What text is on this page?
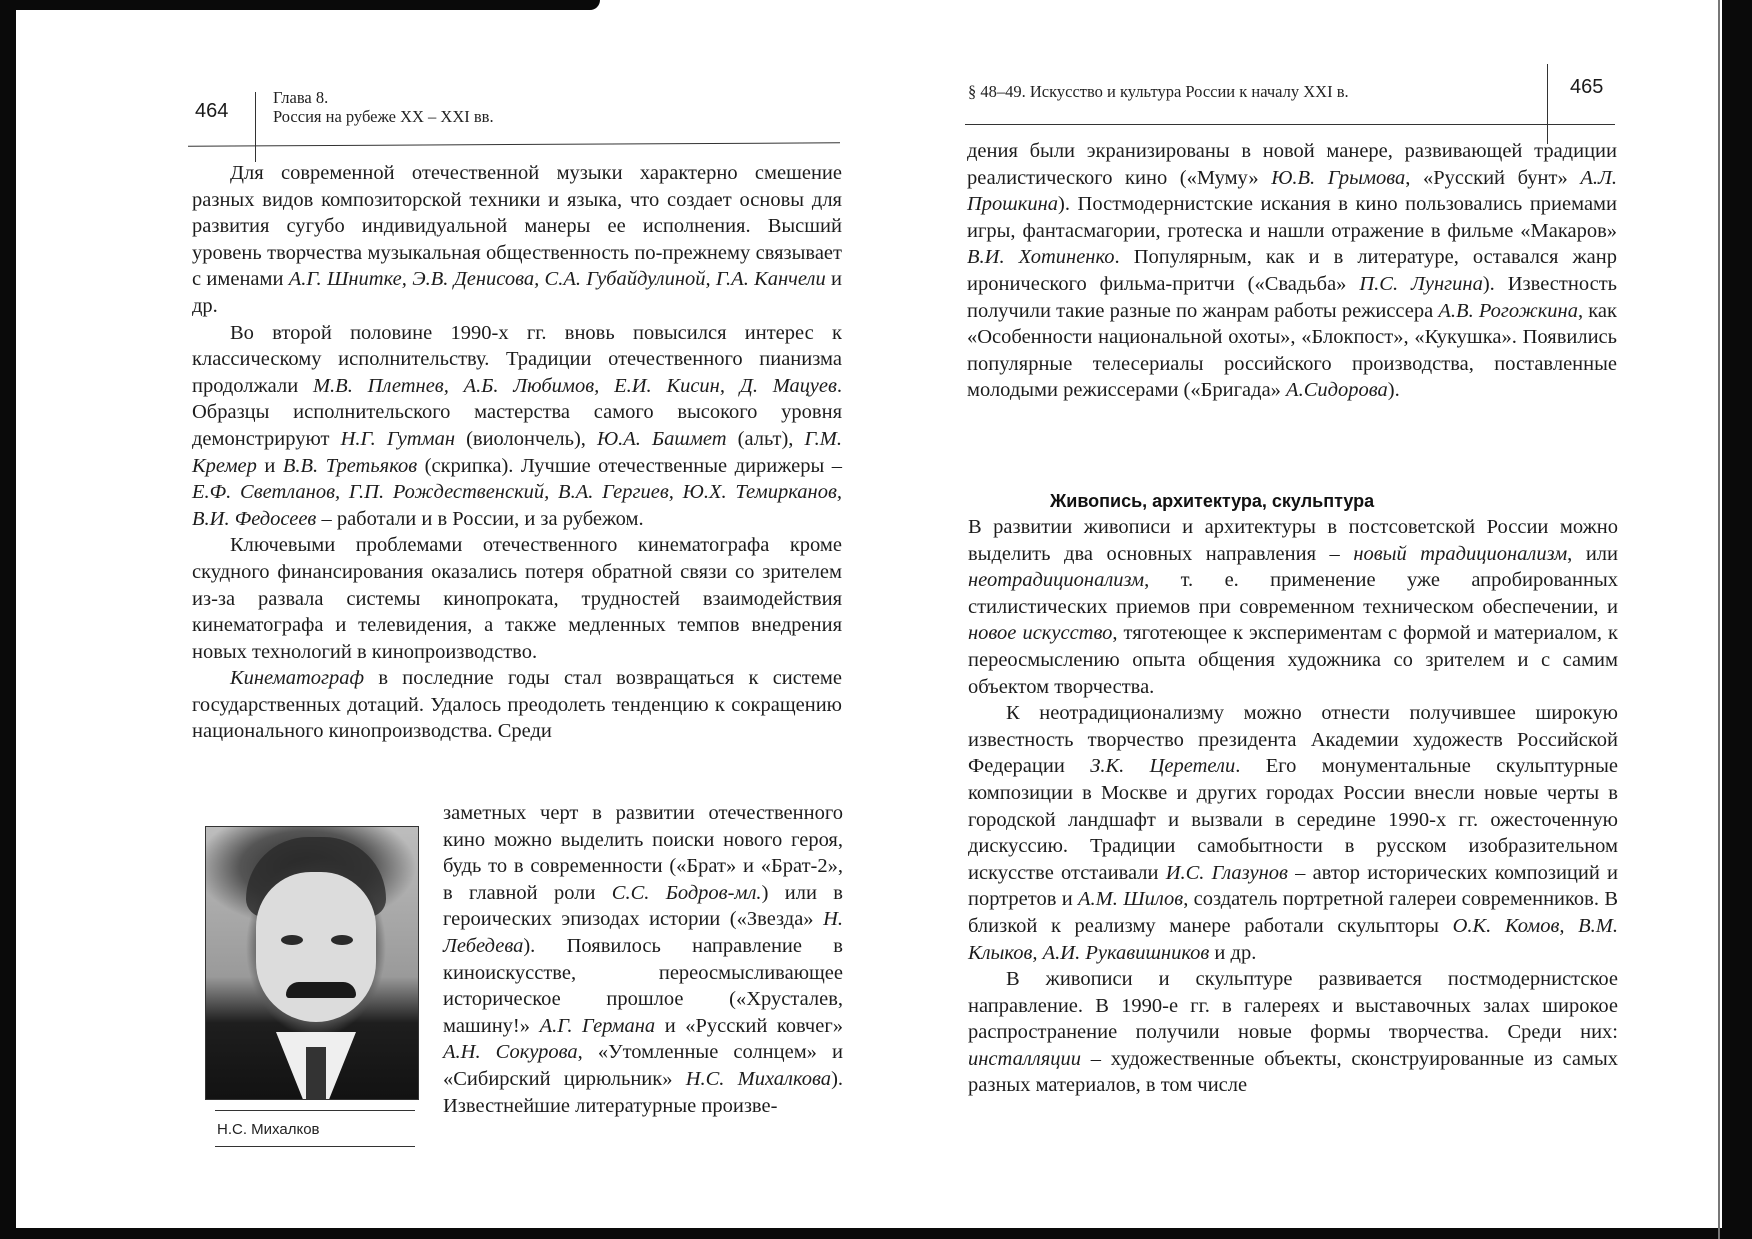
464
Глава 8.
Россия на рубеже XX – XXI вв.

Для современной отечественной музыки характерно смешение разных видов композиторской техники и языка, что создает основы для развития сугубо индивидуальной манеры ее исполнения. Высший уровень творчества музыкальная общественность по-прежнему связывает с именами А.Г. Шнитке, Э.В. Денисова, С.А. Губайдулиной, Г.А. Канчели и др.

Во второй половине 1990-х гг. вновь повысился интерес к классическому исполнительству. Традиции отечественного пианизма продолжали М.В. Плетнев, А.Б. Любимов, Е.И. Кисин, Д. Мацуев. Образцы исполнительского мастерства самого высокого уровня демонстрируют Н.Г. Гутман (виолончель), Ю.А. Башмет (альт), Г.М. Кремер и В.В. Третьяков (скрипка). Лучшие отечественные дирижеры – Е.Ф. Светланов, Г.П. Рождественский, В.А. Гергиев, Ю.Х. Темирканов, В.И. Федосеев – работали и в России, и за рубежом.

Ключевыми проблемами отечественного кинематографа кроме скудного финансирования оказались потеря обратной связи со зрителем из-за развала системы кинопроката, трудностей взаимодействия кинематографа и телевидения, а также медленных темпов внедрения новых технологий в кинопроизводство.

Кинематограф в последние годы стал возвращаться к системе государственных дотаций. Удалось преодолеть тенденцию к сокращению национального кинопроизводства. Среди

заметных черт в развитии отечественного кино можно выделить поиски нового героя, будь то в современности («Брат» и «Брат-2», в главной роли С.С. Бодров-мл.) или в героических эпизодах истории («Звезда» Н. Лебедева). Появилось направление в киноискусстве, переосмысливающее историческое прошлое («Хрусталев, машину!» А.Г. Германа и «Русский ковчег» А.Н. Сокурова, «Утомленные солнцем» и «Сибирский цирюльник» Н.С. Михалкова). Известнейшие литературные произве-

Н.С. Михалков
§ 48–49. Искусство и культура России к началу XXI в.	465

дения были экранизированы в новой манере, развивающей традиции реалистического кино («Муму» Ю.В. Грымова, «Русский бунт» А.Л. Прошкина). Постмодернистские искания в кино пользовались приемами игры, фантасмагории, гротеска и нашли отражение в фильме «Макаров» В.И. Хотиненко. Популярным, как и в литературе, оставался жанр иронического фильма-притчи («Свадьба» П.С. Лунгина). Известность получили такие разные по жанрам работы режиссера А.В. Рогожкина, как «Особенности национальной охоты», «Блокпост», «Кукушка». Появились популярные телесериалы российского производства, поставленные молодыми режиссерами («Бригада» А.Сидорова).

Живопись, архитектура, скульптура

В развитии живописи и архитектуры в постсоветской России можно выделить два основных направления – новый традиционализм, или неотрадиционализм, т. е. применение уже апробированных стилистических приемов при современном техническом обеспечении, и новое искусство, тяготеющее к экспериментам с формой и материалом, к переосмыслению опыта общения художника со зрителем и с самим объектом творчества.

К неотрадиционализму можно отнести получившее широкую известность творчество президента Академии художеств Российской Федерации З.К. Церетели. Его монументальные скульптурные композиции в Москве и других городах России внесли новые черты в городской ландшафт и вызвали в середине 1990-х гг. ожесточенную дискуссию. Традиции самобытности в русском изобразительном искусстве отстаивали И.С. Глазунов – автор исторических композиций и портретов и А.М. Шилов, создатель портретной галереи современников. В близкой к реализму манере работали скульпторы О.К. Комов, В.М. Клыков, А.И. Рукавишников и др.

В живописи и скульптуре развивается постмодернистское направление. В 1990-е гг. в галереях и выставочных залах широкое распространение получили новые формы творчества. Среди них: инсталляции – художественные объекты, сконструированные из самых разных материалов, в том числе
